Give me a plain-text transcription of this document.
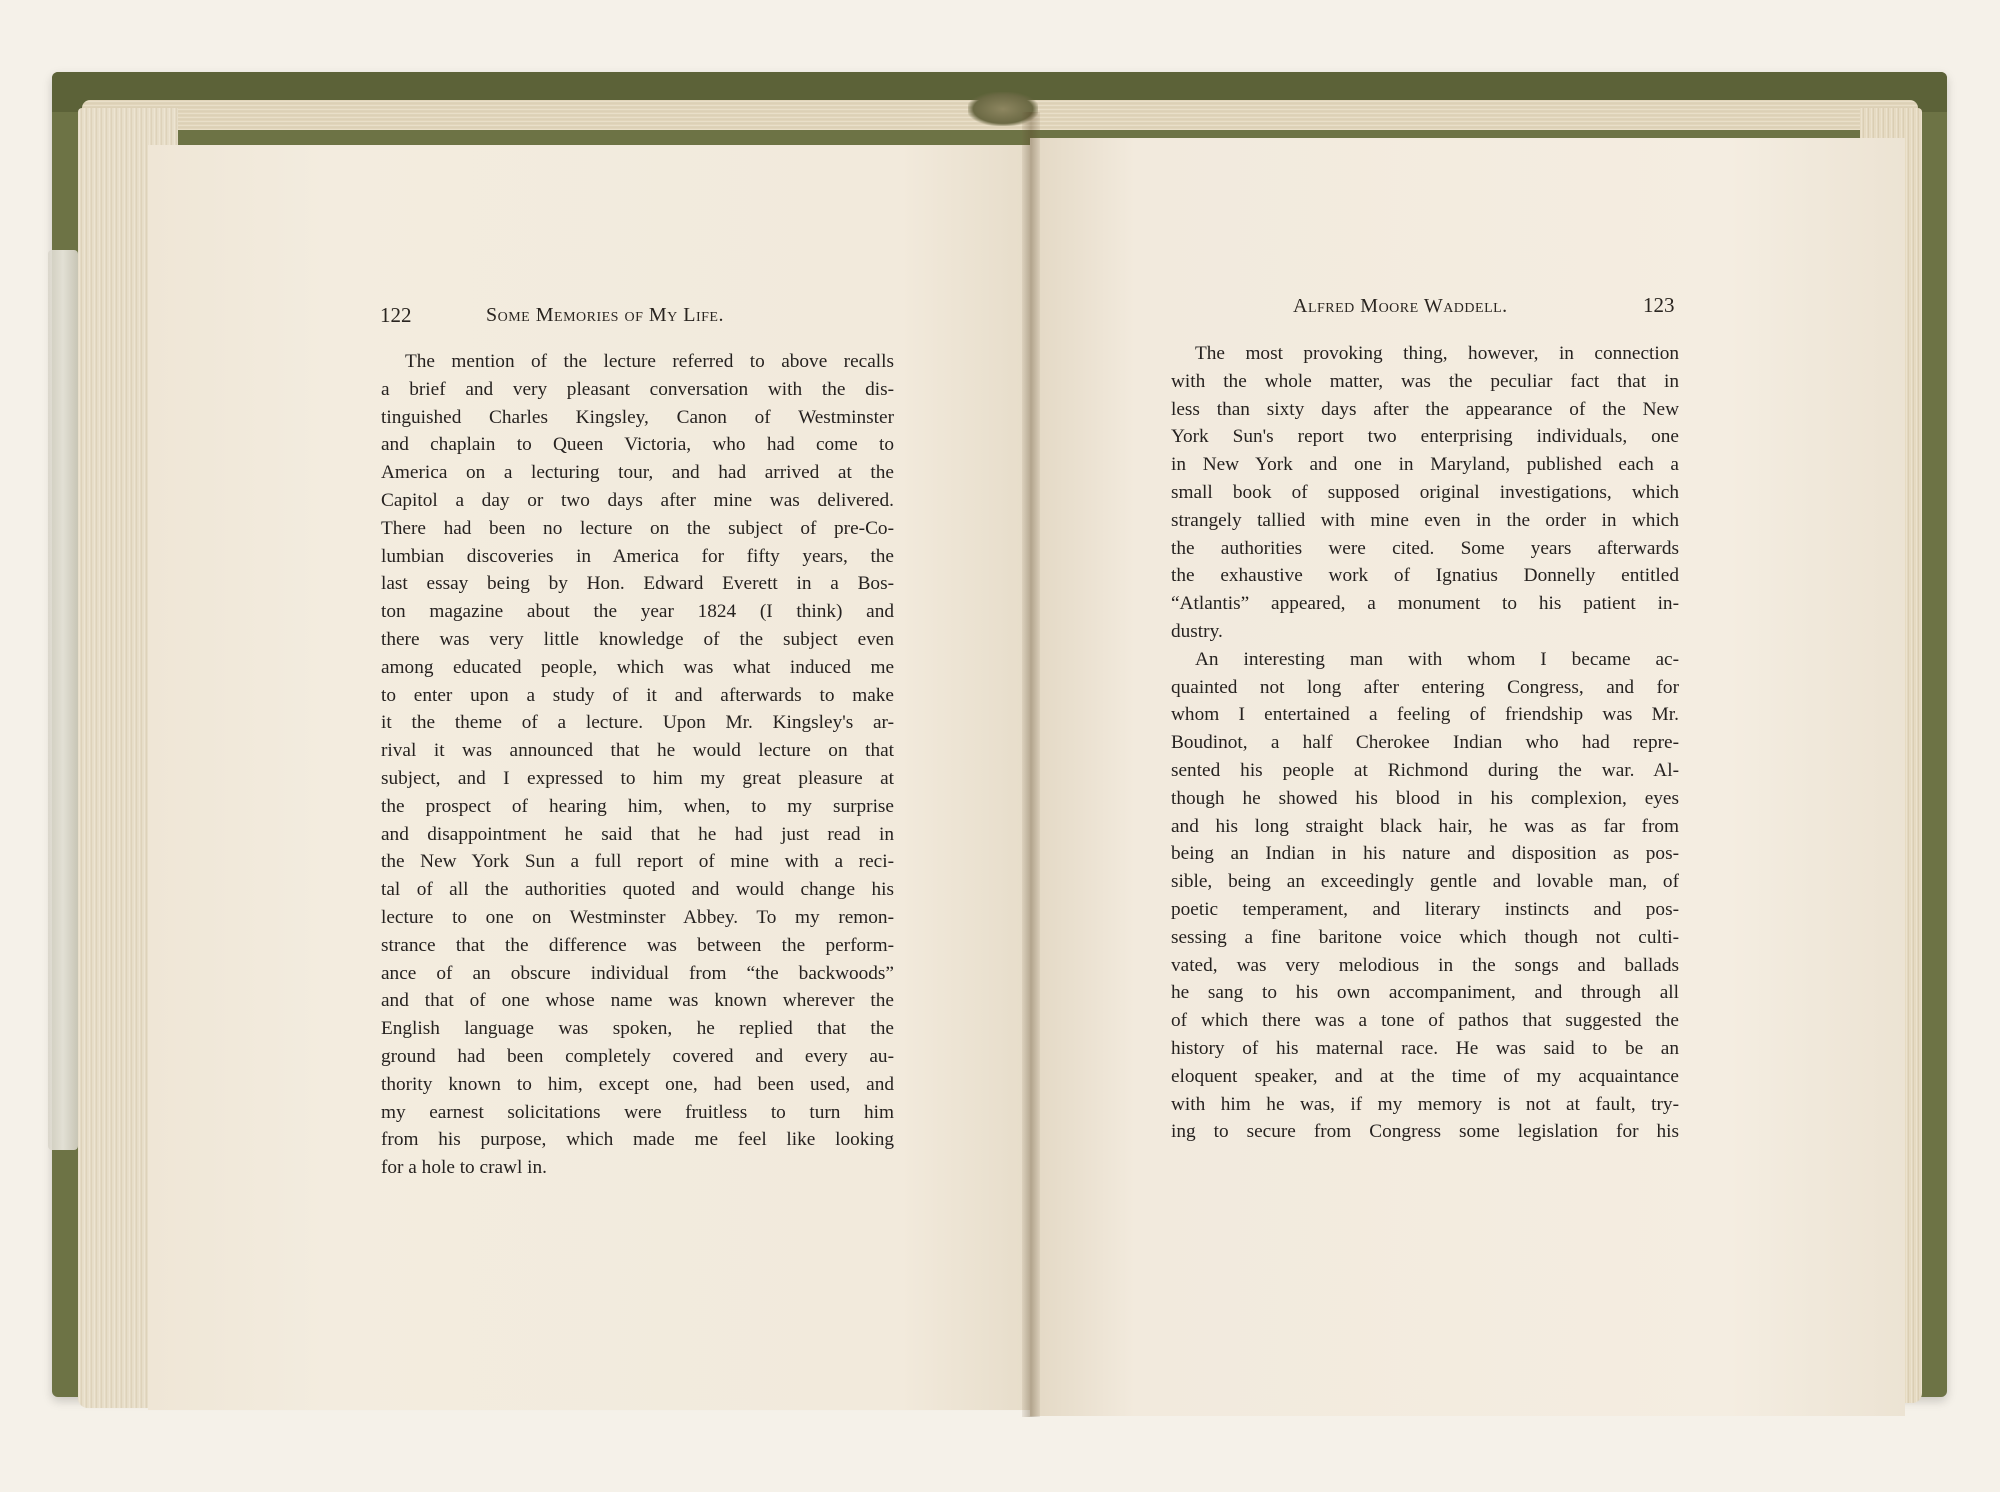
122	Some Memories of My Life.	Alfred Moore Waddell.	123
The mention of the lecture referred to above recalls
a brief and very pleasant conversation with the dis-
tinguished Charles Kingsley, Canon of Westminster
and chaplain to Queen Victoria, who had come to
America on a lecturing tour, and had arrived at the
Capitol a day or two days after mine was delivered.
There had been no lecture on the subject of pre-Co-
lumbian discoveries in America for fifty years, the
last essay being by Hon. Edward Everett in a Bos-
ton magazine about the year 1824 (I think) and
there was very little knowledge of the subject even
among educated people, which was what induced me
to enter upon a study of it and afterwards to make
it the theme of a lecture. Upon Mr. Kingsley's ar-
rival it was announced that he would lecture on that
subject, and I expressed to him my great pleasure at
the prospect of hearing him, when, to my surprise
and disappointment he said that he had just read in
the New York Sun a full report of mine with a reci-
tal of all the authorities quoted and would change his
lecture to one on Westminster Abbey. To my remon-
strance that the difference was between the perform-
ance of an obscure individual from “the backwoods”
and that of one whose name was known wherever the
English language was spoken, he replied that the
ground had been completely covered and every au-
thority known to him, except one, had been used, and
my earnest solicitations were fruitless to turn him
from his purpose, which made me feel like looking
for a hole to crawl in.
The most provoking thing, however, in connection
with the whole matter, was the peculiar fact that in
less than sixty days after the appearance of the New
York Sun's report two enterprising individuals, one
in New York and one in Maryland, published each a
small book of supposed original investigations, which
strangely tallied with mine even in the order in which
the authorities were cited. Some years afterwards
the exhaustive work of Ignatius Donnelly entitled
“Atlantis” appeared, a monument to his patient in-
dustry.
An interesting man with whom I became ac-
quainted not long after entering Congress, and for
whom I entertained a feeling of friendship was Mr.
Boudinot, a half Cherokee Indian who had repre-
sented his people at Richmond during the war. Al-
though he showed his blood in his complexion, eyes
and his long straight black hair, he was as far from
being an Indian in his nature and disposition as pos-
sible, being an exceedingly gentle and lovable man, of
poetic temperament, and literary instincts and pos-
sessing a fine baritone voice which though not culti-
vated, was very melodious in the songs and ballads
he sang to his own accompaniment, and through all
of which there was a tone of pathos that suggested the
history of his maternal race. He was said to be an
eloquent speaker, and at the time of my acquaintance
with him he was, if my memory is not at fault, try-
ing to secure from Congress some legislation for his
